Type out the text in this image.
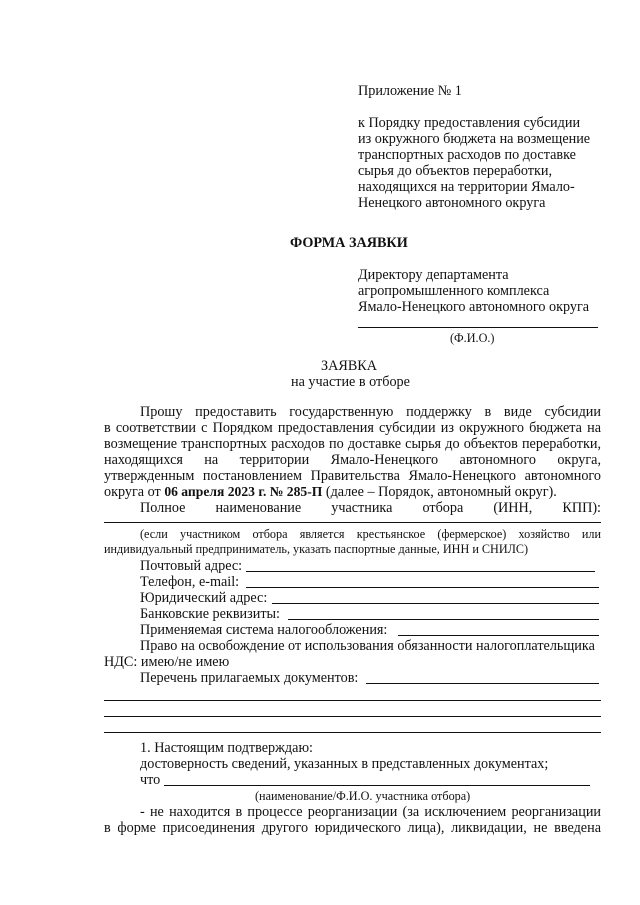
Приложение № 1
к Порядку предоставления субсидии
из окружного бюджета на возмещение
транспортных расходов по доставке
сырья до объектов переработки,
находящихся на территории Ямало-
Ненецкого автономного округа
ФОРМА ЗАЯВКИ
Директору департамента
агропромышленного комплекса
Ямало-Ненецкого автономного округа
(Ф.И.О.)
ЗАЯВКА
на участие в отборе
Прошу предоставить государственную поддержку в виде субсидии
в соответствии с Порядком предоставления субсидии из окружного бюджета на
возмещение транспортных расходов по доставке сырья до объектов переработки,
находящихся на территории Ямало-Ненецкого автономного округа,
утвержденным постановлением Правительства Ямало-Ненецкого автономного
округа от 06 апреля 2023 г. № 285-П (далее – Порядок, автономный округ).
Полное наименование участника отбора (ИНН, КПП):
(если участником отбора является крестьянское (фермерское) хозяйство или
индивидуальный предприниматель, указать паспортные данные, ИНН и СНИЛС)
Почтовый адрес:
Телефон, e-mail:
Юридический адрес:
Банковские реквизиты:
Применяемая система налогообложения:
Право на освобождение от использования обязанности налогоплательщика
НДС: имею/не имею
Перечень прилагаемых документов:
1. Настоящим подтверждаю:
достоверность сведений, указанных в представленных документах;
что
(наименование/Ф.И.О. участника отбора)
- не находится в процессе реорганизации (за исключением реорганизации
в форме присоединения другого юридического лица), ликвидации, не введена
